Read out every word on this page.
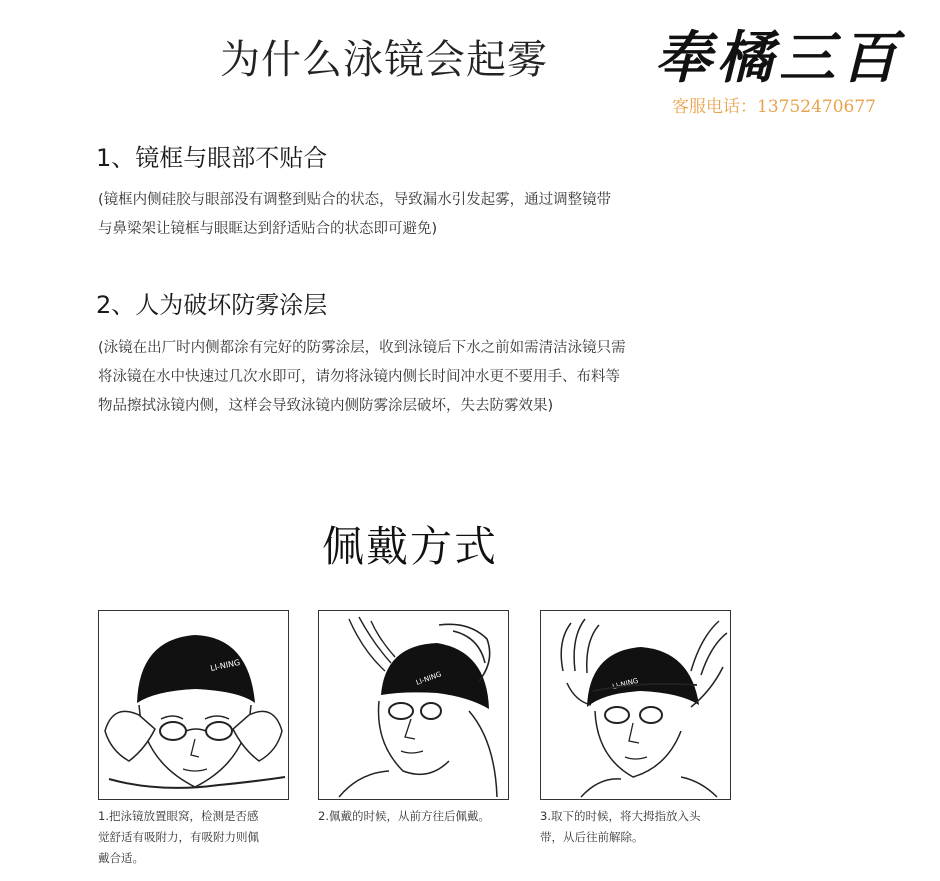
为什么泳镜会起雾 奉橘三百
客服电话：13752470677
1、镜框与眼部不贴合
(镜框内侧硅胶与眼部没有调整到贴合的状态，导致漏水引发起雾，通过调整镜带
与鼻梁架让镜框与眼眶达到舒适贴合的状态即可避免)
2、人为破坏防雾涂层
(泳镜在出厂时内侧都涂有完好的防雾涂层，收到泳镜后下水之前如需清洁泳镜只需
将泳镜在水中快速过几次水即可，请勿将泳镜内侧长时间冲水更不要用手、布料等
物品擦拭泳镜内侧，这样会导致泳镜内侧防雾涂层破坏，失去防雾效果)
佩戴方式
LI-NING
1.把泳镜放置眼窝，检测是否感
觉舒适有吸附力，有吸附力则佩
戴合适。
LI-NING
2.佩戴的时候，从前方往后佩戴。
LI-NING
3.取下的时候，将大拇指放入头
带，从后往前解除。
